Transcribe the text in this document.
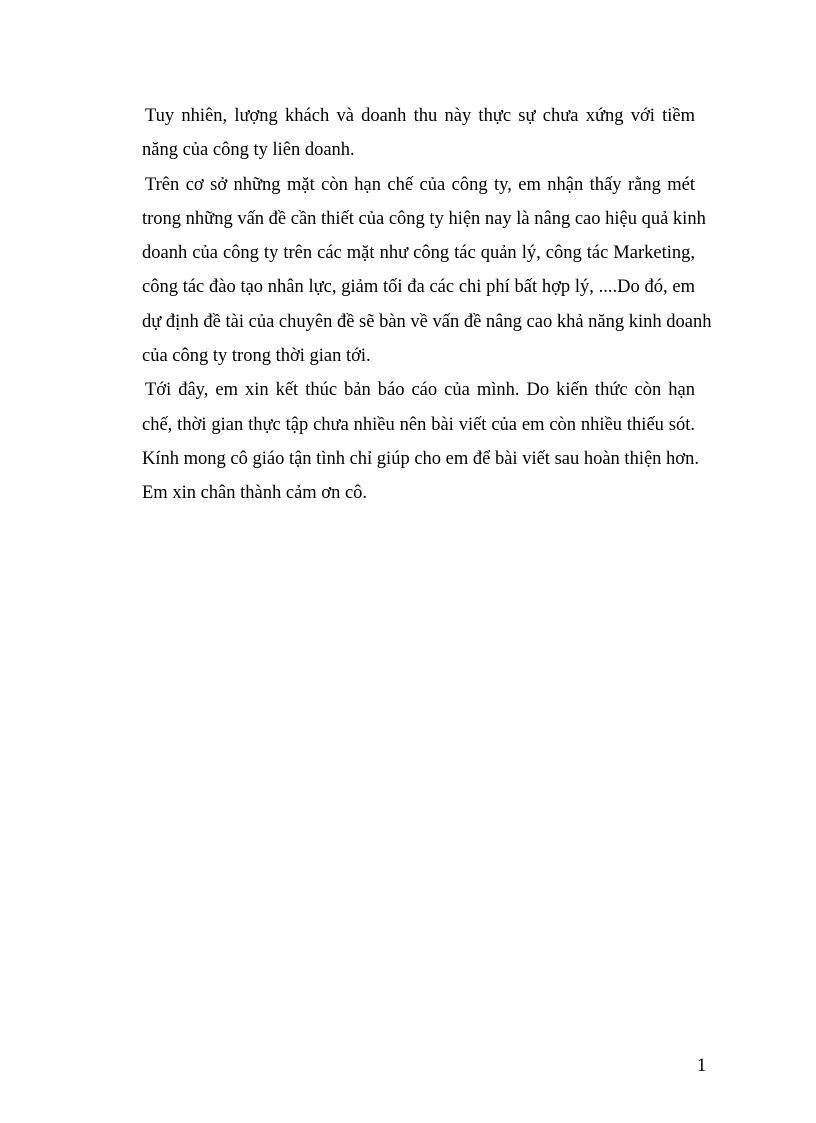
Tuy nhiên, lượng khách và doanh thu này thực sự chưa xứng với tiềm
năng của công ty liên doanh.

Trên cơ sở những mặt còn hạn chế của công ty, em nhận thấy rằng mét
trong những vấn đề cần thiết của công ty hiện nay là nâng cao hiệu quả kinh
doanh của công ty trên các mặt như công tác quản lý, công tác Marketing,
công tác đào tạo nhân lực, giảm tối đa các chi phí bất hợp lý, ....Do đó, em
dự định đề tài của chuyên đề sẽ bàn về vấn đề nâng cao khả năng kinh doanh
của công ty trong thời gian tới.

Tới đây, em xin kết thúc bản báo cáo của mình. Do kiến thức còn hạn
chế, thời gian thực tập chưa nhiều nên bài viết của em còn nhiều thiếu sót.
Kính mong cô giáo tận tình chỉ giúp cho em để bài viết sau hoàn thiện hơn.
Em xin chân thành cảm ơn cô.

1
